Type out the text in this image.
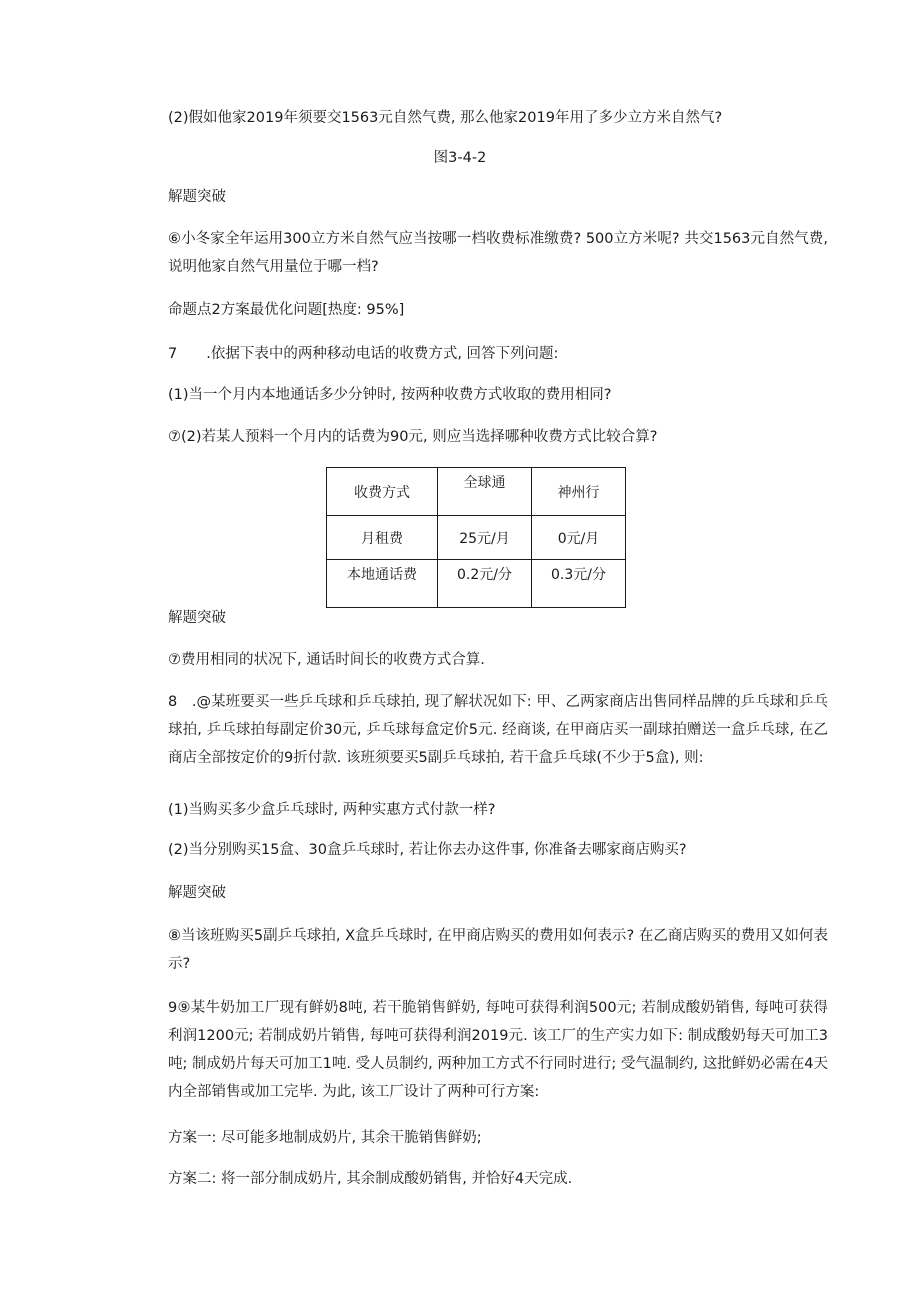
(2)假如他家2019年须要交1563元自然气费, 那么他家2019年用了多少立方米自然气?

图3-4-2

解题突破

⑥小冬家全年运用300立方米自然气应当按哪一档收费标准缴费? 500立方米呢? 共交1563元自然气费, 说明他家自然气用量位于哪一档?

命题点2方案最优化问题[热度: 95%]

7　　.依据下表中的两种移动电话的收费方式, 回答下列问题:

(1)当一个月内本地通话多少分钟时, 按两种收费方式收取的费用相同?

⑦(2)若某人预料一个月内的话费为90元, 则应当选择哪种收费方式比较合算?

收费方式	全球通	神州行
月租费	25元/月	0元/月
本地通话费	0.2元/分	0.3元/分

解题突破

⑦费用相同的状况下, 通话时间长的收费方式合算.

8　.@某班要买一些乒乓球和乒乓球拍, 现了解状况如下: 甲、乙两家商店出售同样品牌的乒乓球和乒乓球拍, 乒乓球拍每副定价30元, 乒乓球每盒定价5元. 经商谈, 在甲商店买一副球拍赠送一盒乒乓球, 在乙商店全部按定价的9折付款. 该班须要买5副乒乓球拍, 若干盒乒乓球(不少于5盒), 则:

(1)当购买多少盒乒乓球时, 两种实惠方式付款一样?

(2)当分别购买15盒、30盒乒乓球时, 若让你去办这件事, 你准备去哪家商店购买?

解题突破

⑧当该班购买5副乒乓球拍, X盒乒乓球时, 在甲商店购买的费用如何表示? 在乙商店购买的费用又如何表示?

9⑨某牛奶加工厂现有鲜奶8吨, 若干脆销售鲜奶, 每吨可获得利润500元; 若制成酸奶销售, 每吨可获得利润1200元; 若制成奶片销售, 每吨可获得利润2019元. 该工厂的生产实力如下: 制成酸奶每天可加工3吨; 制成奶片每天可加工1吨. 受人员制约, 两种加工方式不行同时进行; 受气温制约, 这批鲜奶必需在4天内全部销售或加工完毕. 为此, 该工厂设计了两种可行方案:

方案一: 尽可能多地制成奶片, 其余干脆销售鲜奶;

方案二: 将一部分制成奶片, 其余制成酸奶销售, 并恰好4天完成.
